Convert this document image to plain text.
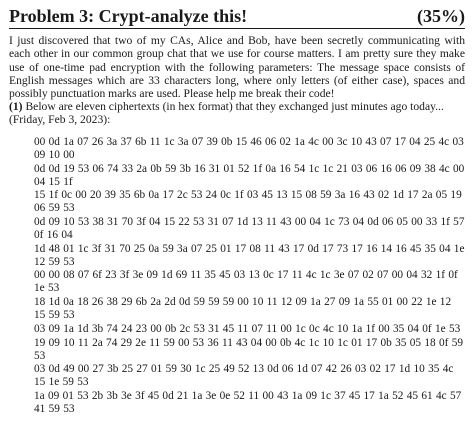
Problem 3: Crypt-analyze this!	(35%)

I just discovered that two of my CAs, Alice and Bob, have been secretly communicating with each other in our common group chat that we use for course matters. I am pretty sure they make use of one-time pad encryption with the following parameters: The message space consists of English messages which are 33 characters long, where only letters (of either case), spaces and possibly punctuation marks are used. Please help me break their code!

(1) Below are eleven ciphertexts (in hex format) that they exchanged just minutes ago today... (Friday, Feb 3, 2023):

00 0d 1a 07 26 3a 37 6b 11 1c 3a 07 39 0b 15 46 06 02 1a 4c 00 3c 10 43 07 17 04 25 4c 03 09 10 00
0d 0d 19 53 06 74 33 2a 0b 59 3b 16 31 01 52 1f 0a 16 54 1c 1c 21 03 06 16 06 09 38 4c 00 04 15 1f
15 1f 0c 00 20 39 35 6b 0a 17 2c 53 24 0c 1f 03 45 13 15 08 59 3a 16 43 02 1d 17 2a 05 19 06 59 53
0d 09 10 53 38 31 70 3f 04 15 22 53 31 07 1d 13 11 43 00 04 1c 73 04 0d 06 05 00 33 1f 57 0f 16 04
1d 48 01 1c 3f 31 70 25 0a 59 3a 07 25 01 17 08 11 43 17 0d 17 73 17 16 14 16 45 35 04 1e 12 59 53
00 00 08 07 6f 23 3f 3e 09 1d 69 11 35 45 03 13 0c 17 11 4c 1c 3e 07 02 07 00 04 32 1f 0f 1e 53
18 1d 0a 18 26 38 29 6b 2a 2d 0d 59 59 59 00 10 11 12 09 1a 27 09 1a 55 01 00 22 1e 12 15 59 53
03 09 1a 1d 3b 74 24 23 00 0b 2c 53 31 45 11 07 11 00 1c 0c 4c 10 1a 1f 00 35 04 0f 1e 53
19 09 10 11 2a 74 29 2e 11 59 00 53 36 11 43 04 00 0b 4c 1c 10 1c 01 17 0b 35 05 18 0f 59 53
03 0d 49 00 27 3b 25 27 01 59 30 1c 25 49 52 13 0d 06 1d 07 42 26 03 02 17 1d 10 35 4c 15 1e 59 53
1a 09 01 53 2b 3b 3e 3f 45 0d 21 1a 3e 0e 52 11 00 43 1a 09 1c 37 45 17 1a 52 45 61 4c 57 41 59 53
